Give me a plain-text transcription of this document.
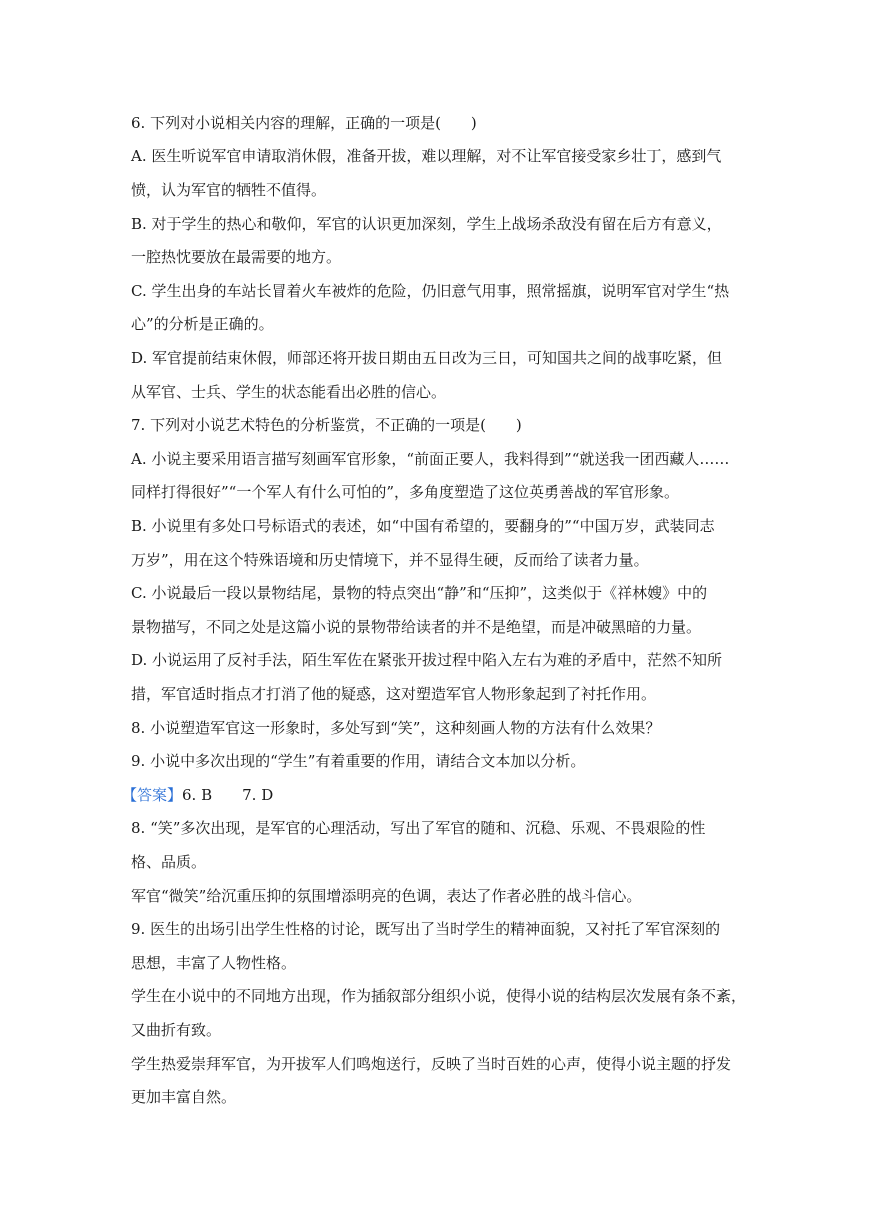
6. 下列对小说相关内容的理解，正确的一项是(　　)
A. 医生听说军官申请取消休假，准备开拔，难以理解，对不让军官接受家乡壮丁，感到气
愤，认为军官的牺牲不值得。
B. 对于学生的热心和敬仰，军官的认识更加深刻，学生上战场杀敌没有留在后方有意义，
一腔热忱要放在最需要的地方。
C. 学生出身的车站长冒着火车被炸的危险，仍旧意气用事，照常摇旗，说明军官对学生“热
心”的分析是正确的。
D. 军官提前结束休假，师部还将开拔日期由五日改为三日，可知国共之间的战事吃紧，但
从军官、士兵、学生的状态能看出必胜的信心。
7. 下列对小说艺术特色的分析鉴赏，不正确的一项是(　　)
A. 小说主要采用语言描写刻画军官形象，“前面正要人，我料得到”“就送我一团西藏人……
同样打得很好”“一个军人有什么可怕的”，多角度塑造了这位英勇善战的军官形象。
B. 小说里有多处口号标语式的表述，如“中国有希望的，要翻身的”“中国万岁，武装同志
万岁”，用在这个特殊语境和历史情境下，并不显得生硬，反而给了读者力量。
C. 小说最后一段以景物结尾，景物的特点突出“静”和“压抑”，这类似于《祥林嫂》中的
景物描写，不同之处是这篇小说的景物带给读者的并不是绝望，而是冲破黑暗的力量。
D. 小说运用了反衬手法，陌生军佐在紧张开拔过程中陷入左右为难的矛盾中，茫然不知所
措，军官适时指点才打消了他的疑惑，这对塑造军官人物形象起到了衬托作用。
8. 小说塑造军官这一形象时，多处写到“笑”，这种刻画人物的方法有什么效果？
9. 小说中多次出现的“学生”有着重要的作用，请结合文本加以分析。
【答案】6. B　　7. D
8. “笑”多次出现，是军官的心理活动，写出了军官的随和、沉稳、乐观、不畏艰险的性
格、品质。
军官“微笑”给沉重压抑的氛围增添明亮的色调，表达了作者必胜的战斗信心。
9. 医生的出场引出学生性格的讨论，既写出了当时学生的精神面貌，又衬托了军官深刻的
思想，丰富了人物性格。
学生在小说中的不同地方出现，作为插叙部分组织小说，使得小说的结构层次发展有条不紊，
又曲折有致。
学生热爱崇拜军官，为开拔军人们鸣炮送行，反映了当时百姓的心声，使得小说主题的抒发
更加丰富自然。
